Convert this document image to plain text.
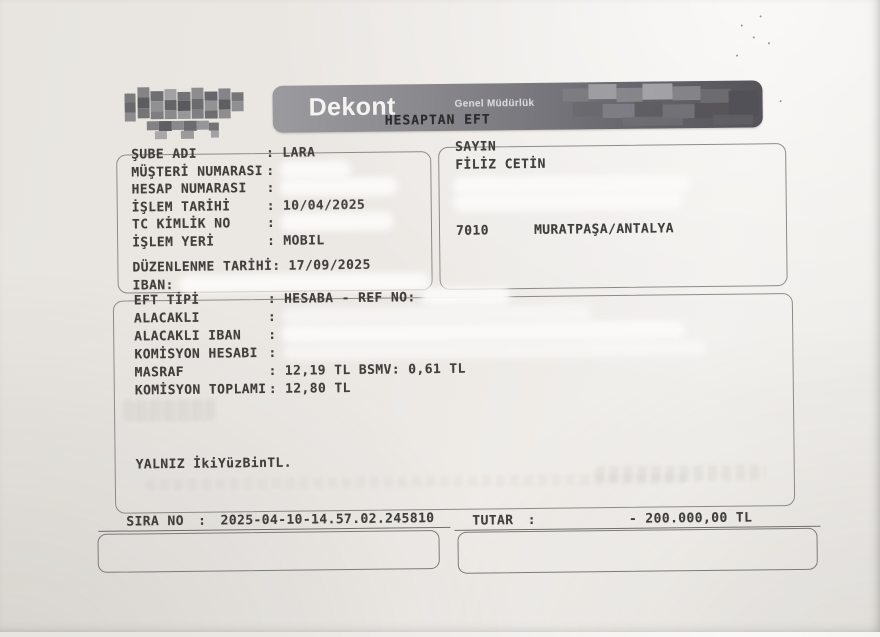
Dekont	Genel Müdürlük
HESAPTAN EFT
ŞUBE ADI	: LARA
MÜŞTERİ NUMARASI :
HESAP NUMARASI :
İŞLEM TARİHİ	: 10/04/2025
TC KİMLİK NO	:
İŞLEM YERİ	: MOBIL
DÜZENLENME TARİHİ: 17/09/2025
IBAN:
SAYIN
FİLİZ CETİN
7010	MURATPAŞA/ANTALYA
EFT TİPİ	: HESABA - REF NO:
ALACAKLI	:
ALACAKLI IBAN :
KOMİSYON HESABI :
MASRAF	: 12,19 TL BSMV: 0,61 TL
KOMİSYON TOPLAMI : 12,80 TL
YALNIZ İkiYüzBinTL.
SIRA NO : 2025-04-10-14.57.02.245810	TUTAR :	- 200.000,00 TL
